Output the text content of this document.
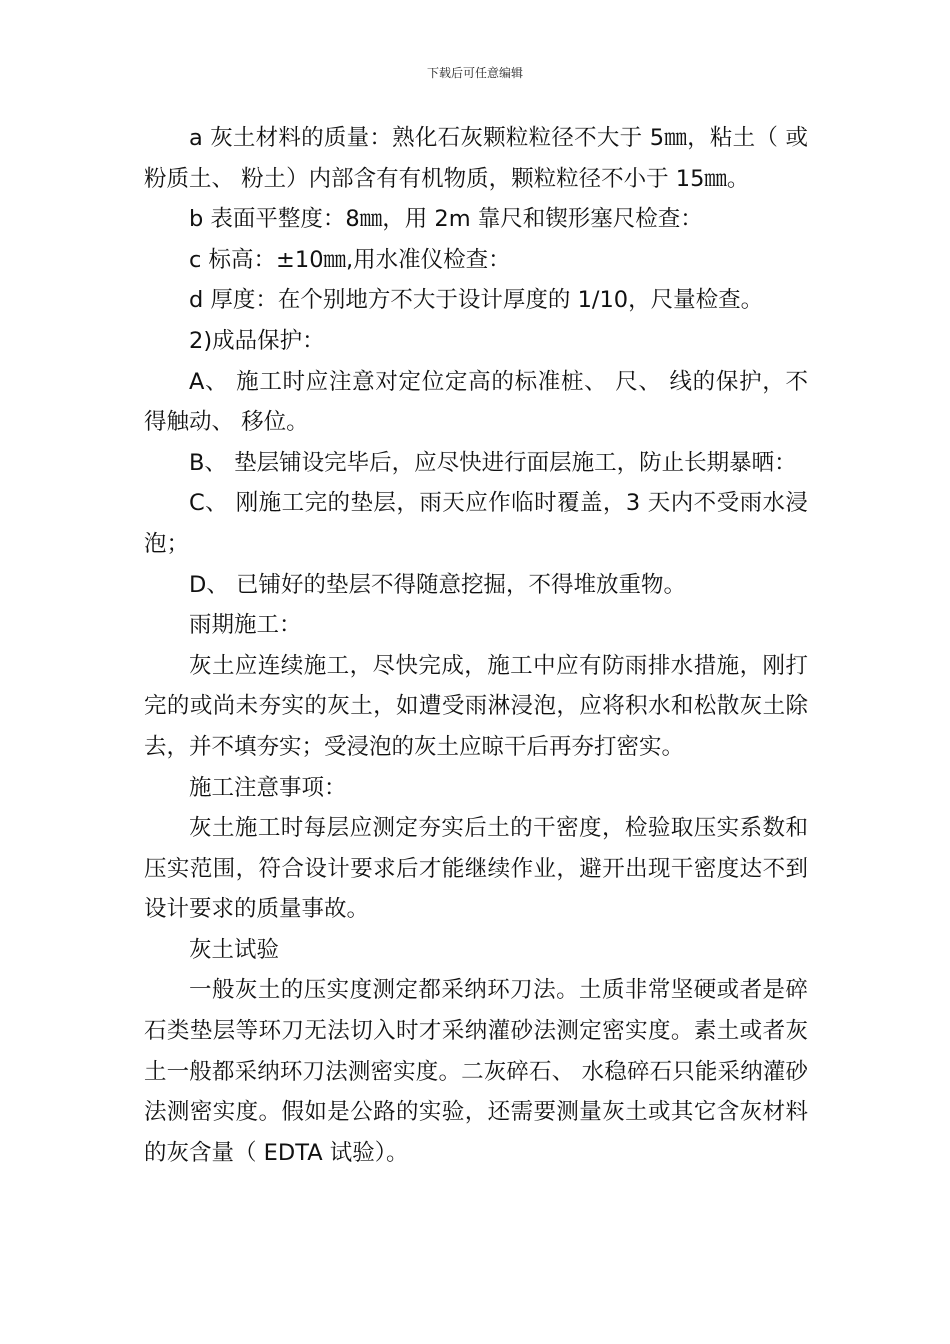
下载后可任意编辑

a 灰土材料的质量：熟化石灰颗粒粒径不大于 5㎜，粘土（ 或粉质土、 粉土）内部含有有机物质，颗粒粒径不小于 15㎜。

b 表面平整度：8㎜，用 2m 靠尺和锲形塞尺检查：

c 标高：±10㎜,用水准仪检查：

d 厚度：在个别地方不大于设计厚度的 1/10，尺量检查。

2)成品保护：

A、 施工时应注意对定位定高的标准桩、 尺、 线的保护，不得触动、 移位。

B、 垫层铺设完毕后，应尽快进行面层施工，防止长期暴晒：

C、 刚施工完的垫层，雨天应作临时覆盖，3 天内不受雨水浸泡；

D、 已铺好的垫层不得随意挖掘，不得堆放重物。

雨期施工：

灰土应连续施工，尽快完成，施工中应有防雨排水措施，刚打完的或尚未夯实的灰土，如遭受雨淋浸泡，应将积水和松散灰土除去，并不填夯实；受浸泡的灰土应晾干后再夯打密实。

施工注意事项：

灰土施工时每层应测定夯实后土的干密度，检验取压实系数和压实范围，符合设计要求后才能继续作业，避开出现干密度达不到设计要求的质量事故。

灰土试验

一般灰土的压实度测定都采纳环刀法。土质非常坚硬或者是碎石类垫层等环刀无法切入时才采纳灌砂法测定密实度。素土或者灰土一般都采纳环刀法测密实度。二灰碎石、 水稳碎石只能采纳灌砂法测密实度。假如是公路的实验，还需要测量灰土或其它含灰材料的灰含量（ EDTA 试验）。
